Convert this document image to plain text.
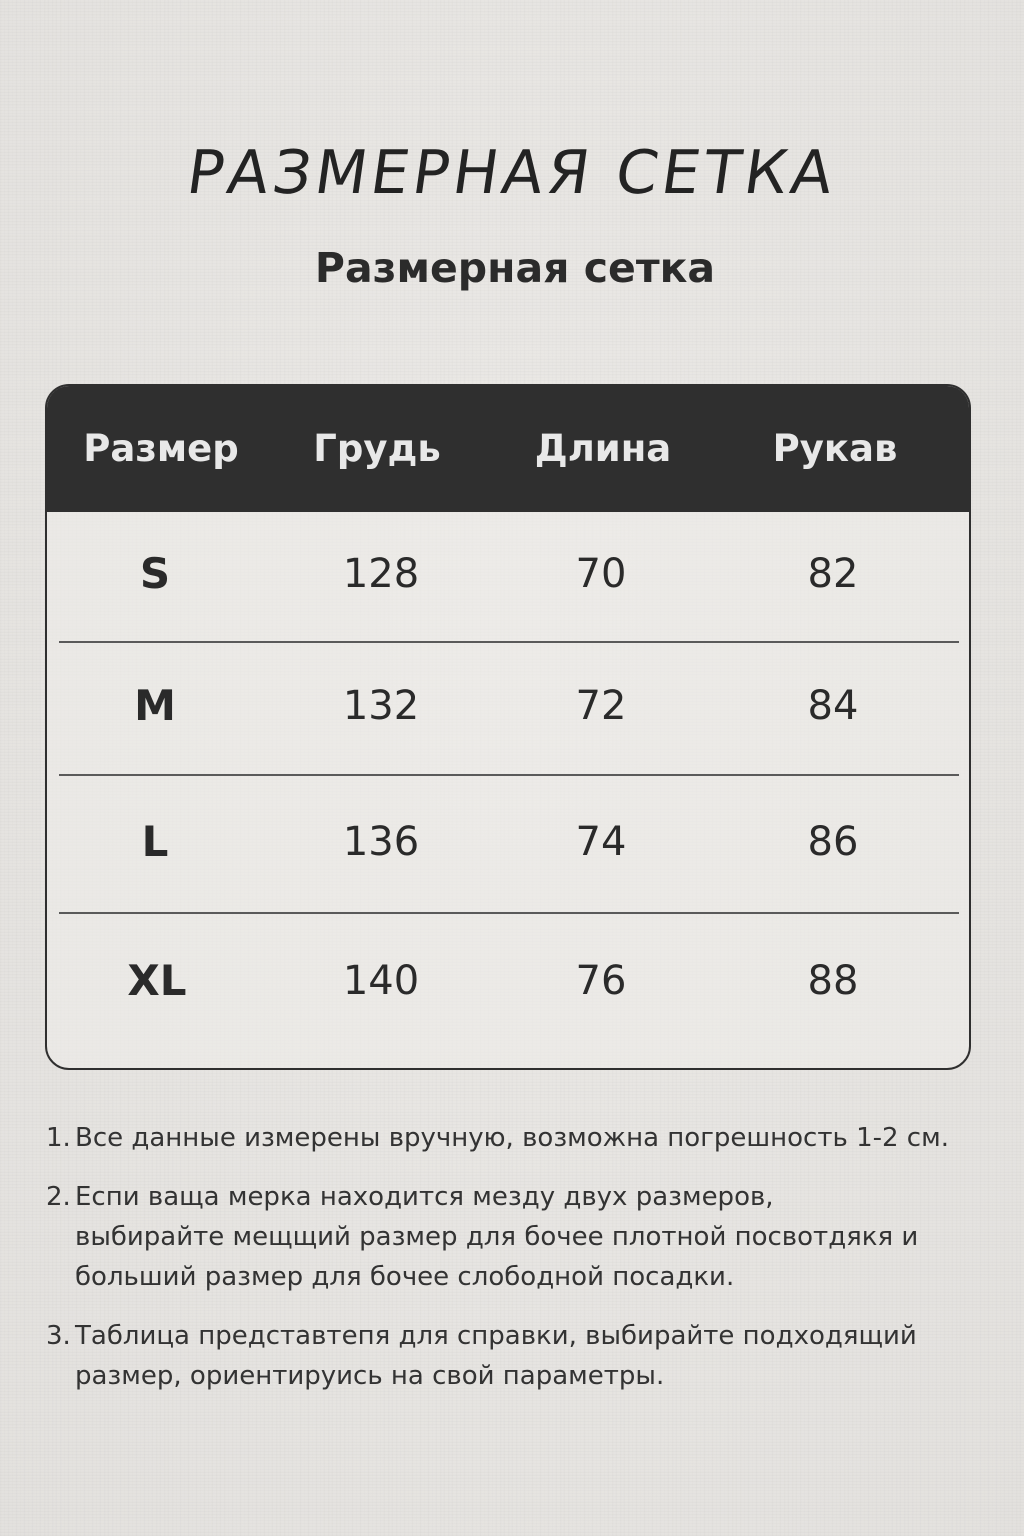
РАЗМЕРНАЯ СЕТКА
Размерная сетка
Размер	Грудь	Длина	Рукав
S	128	70	82
M	132	72	84
L	136	74	86
XL	140	76	88
1. Все данные измерены вручную, возможна погрешность 1-2 см.
2. Еспи ваща мерка находится мезду двух размеров,
выбирайте мещщий размер для бочее плотной посвотдякя и
больший размер для бочее слободной посадки.
3. Таблица представтепя для справки, выбирайте подходящий
размер, ориентируись на свой параметры.
